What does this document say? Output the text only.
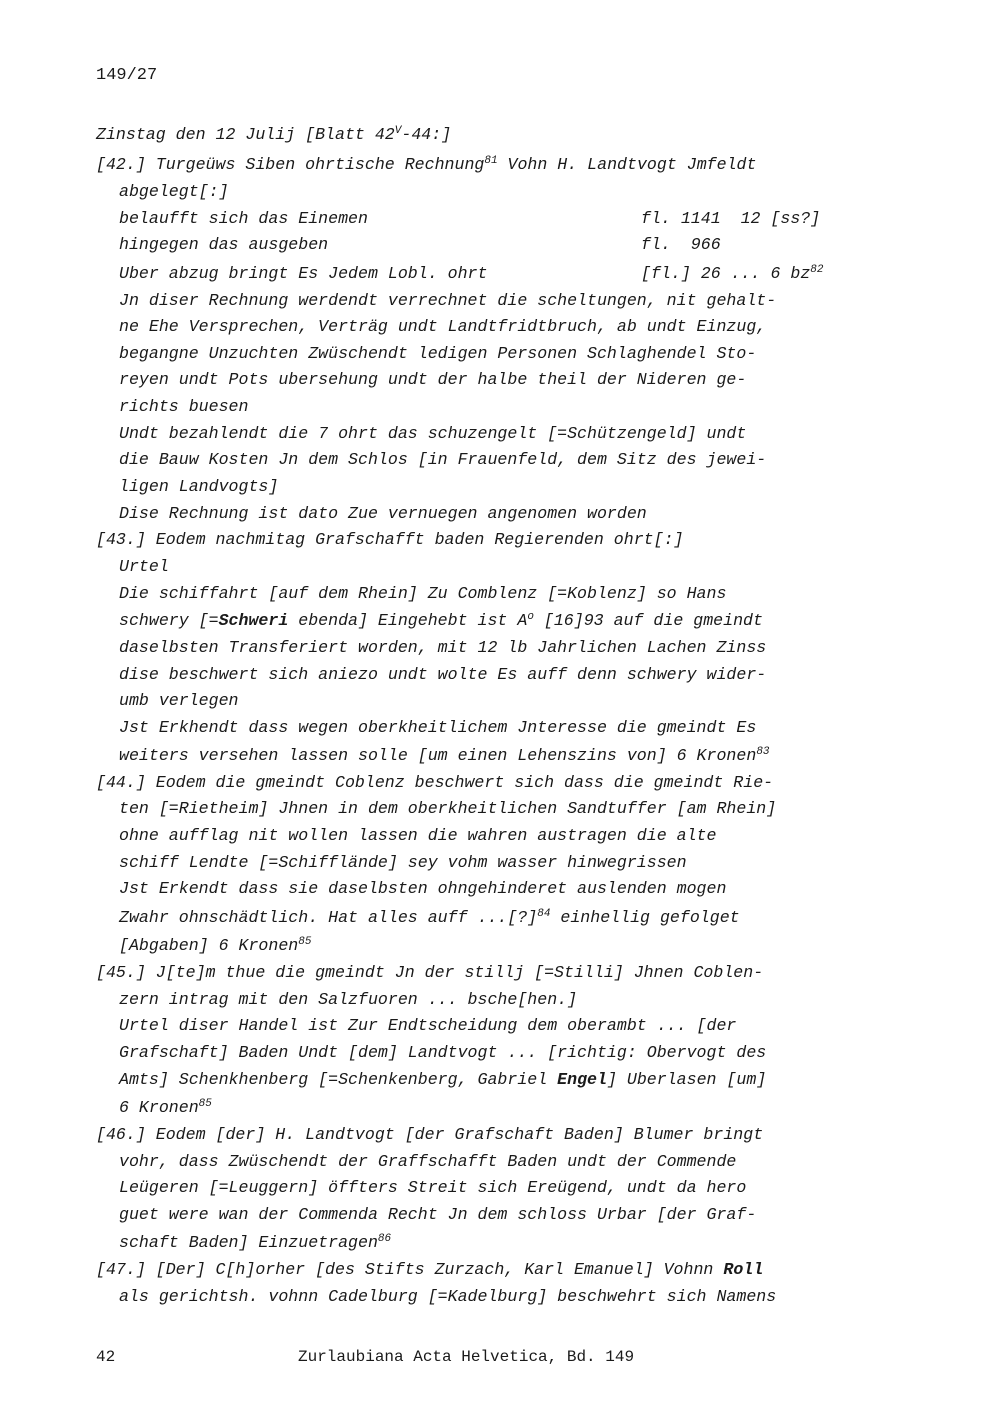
149/27
Zinstag den 12 Julij [Blatt $42^V-44$:]
[42.] Turgeüws Siben ohrtische Rechnung$^{81}$ Vohn H. Landtvogt Jmfeldt
abgelegt[:]
belaufft sich das Einemen	fl. 1141  12 [ss?]
hingegen das ausgeben	fl.  966
Uber abzug bringt Es Jedem Lobl. ohrt	[fl.] 26 ... 6 $bz^{82}$
Jn diser Rechnung werdendt verrechnet die scheltungen, nit gehalt-
ne Ehe Versprechen, Verträg undt Landtfridtbruch, ab undt Einzug,
begangne Unzuchten Zwüschendt ledigen Personen Schlaghendel Sto-
reyen undt Pots ubersehung undt der halbe theil der Nideren ge-
richts buesen
Undt bezahlendt die 7 ohrt das schuzengelt [=Schützengeld] undt
die Bauw Kosten Jn dem Schlos [in Frauenfeld, dem Sitz des jewei-
ligen Landvogts]
Dise Rechnung ist dato Zue vernuegen angenomen worden
[43.] Eodem nachmitag Grafschafft baden Regierenden ohrt[:]
Urtel
Die schiffahrt [auf dem Rhein] Zu Comblenz [=Koblenz] so Hans
schwery [=Schweri ebenda] Eingehebt ist $A^o$ [16]93 auf die gmeindt
daselbsten Transferiert worden, mit 12 lb Jahrlichen Lachen Zinss
dise beschwert sich aniezo undt wolte Es auff denn schwery wider-
umb verlegen
Jst Erkhendt dass wegen oberkheitlichem Jnteresse die gmeindt Es
weiters versehen lassen solle [um einen Lehenszins von] 6 Kronen$^{83}$
[44.] Eodem die gmeindt Coblenz beschwert sich dass die gmeindt Rie-
ten [=Rietheim] Jhnen in dem oberkheitlichen Sandtuffer [am Rhein]
ohne aufflag nit wollen lassen die wahren austragen die alte
schiff Lendte [=Schifflände] sey vohm wasser hinwegrissen
Jst Erkendt dass sie daselbsten ohngehinderet auslenden mogen
Zwahr ohnschädtlich. Hat alles auff ...[?]$^{84}$ einhellig gefolget
[Abgaben] 6 Kronen$^{85}$
[45.] J[te]m thue die gmeindt Jn der stillj [=Stilli] Jhnen Coblen-
zern intrag mit den Salzfuoren ... bsche[hen.]
Urtel diser Handel ist Zur Endtscheidung dem oberambt ... [der
Grafschaft] Baden Undt [dem] Landtvogt ... [richtig: Obervogt des
Amts] Schenkhenberg [=Schenkenberg, Gabriel Engel] Uberlasen [um]
6 Kronen$^{85}$
[46.] Eodem [der] H. Landtvogt [der Grafschaft Baden] Blumer bringt
vohr, dass Zwüschendt der Graffschafft Baden undt der Commende
Leügeren [=Leuggern] öffters Streit sich Ereügend, undt da hero
guet were wan der Commenda Recht Jn dem schloss Urbar [der Graf-
schaft Baden] Einzuetragen$^{86}$
[47.] [Der] C[h]orher [des Stifts Zurzach, Karl Emanuel] Vohnn Roll
als gerichtsh. vohnn Cadelburg [=Kadelburg] beschwehrt sich Namens
42	Zurlaubiana Acta Helvetica, Bd. 149
